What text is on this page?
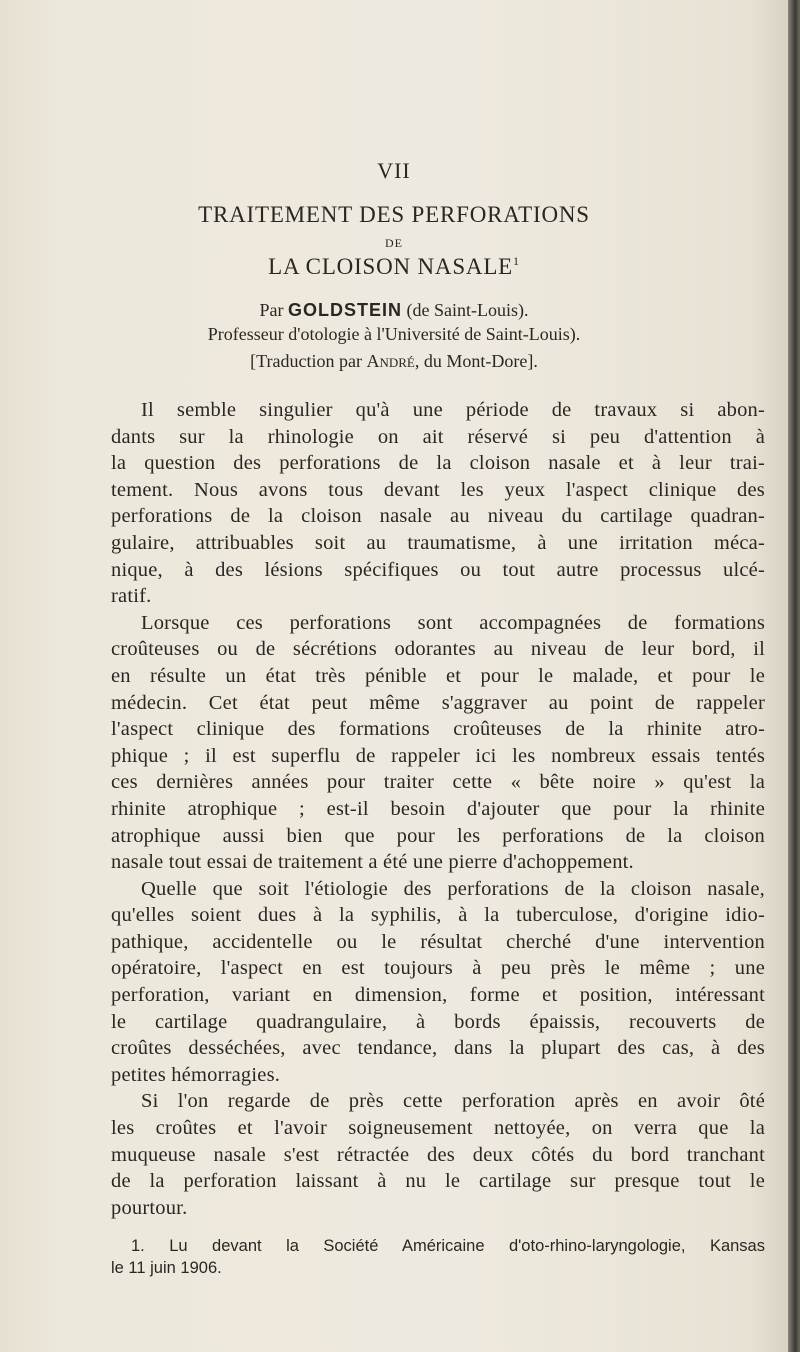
VII
TRAITEMENT DES PERFORATIONS
DE
LA CLOISON NASALE$^1$
Par GOLDSTEIN (de Saint-Louis).
Professeur d'otologie à l'Université de Saint-Louis).
[Traduction par André, du Mont-Dore].
Il semble singulier qu'à une période de travaux si abon-
dants sur la rhinologie on ait réservé si peu d'attention à
la question des perforations de la cloison nasale et à leur trai-
tement. Nous avons tous devant les yeux l'aspect clinique des
perforations de la cloison nasale au niveau du cartilage quadran-
gulaire, attribuables soit au traumatisme, à une irritation méca-
nique, à des lésions spécifiques ou tout autre processus ulcé-
ratif.
Lorsque ces perforations sont accompagnées de formations
croûteuses ou de sécrétions odorantes au niveau de leur bord, il
en résulte un état très pénible et pour le malade, et pour le
médecin. Cet état peut même s'aggraver au point de rappeler
l'aspect clinique des formations croûteuses de la rhinite atro-
phique ; il est superflu de rappeler ici les nombreux essais tentés
ces dernières années pour traiter cette « bête noire » qu'est la
rhinite atrophique ; est-il besoin d'ajouter que pour la rhinite
atrophique aussi bien que pour les perforations de la cloison
nasale tout essai de traitement a été une pierre d'achoppement.
Quelle que soit l'étiologie des perforations de la cloison nasale,
qu'elles soient dues à la syphilis, à la tuberculose, d'origine idio-
pathique, accidentelle ou le résultat cherché d'une intervention
opératoire, l'aspect en est toujours à peu près le même ; une
perforation, variant en dimension, forme et position, intéressant
le cartilage quadrangulaire, à bords épaissis, recouverts de
croûtes desséchées, avec tendance, dans la plupart des cas, à des
petites hémorragies.
Si l'on regarde de près cette perforation après en avoir ôté
les croûtes et l'avoir soigneusement nettoyée, on verra que la
muqueuse nasale s'est rétractée des deux côtés du bord tranchant
de la perforation laissant à nu le cartilage sur presque tout le
pourtour.
1. Lu devant la Société Américaine d'oto-rhino-laryngologie, Kansas
le 11 juin 1906.
